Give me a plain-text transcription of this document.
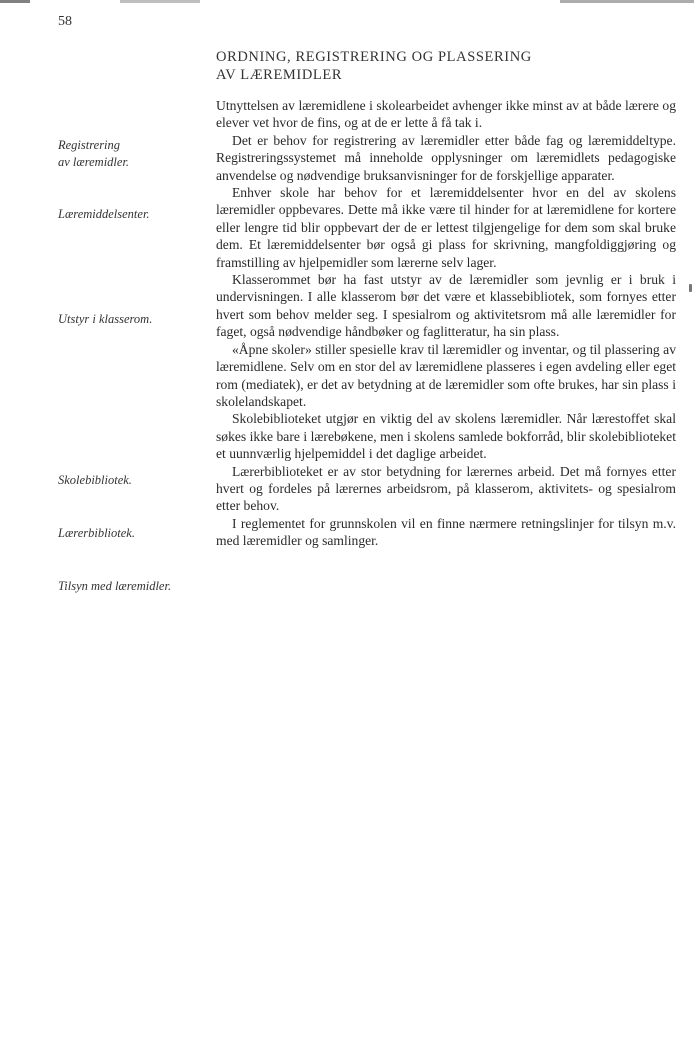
58
ORDNING, REGISTRERING OG PLASSERING
AV LÆREMIDLER
Registrering
av læremidler.
Læremiddelsenter.
Utstyr i klasserom.
Skolebibliotek.
Lærerbibliotek.
Tilsyn med læremidler.

Utnyttelsen av læremidlene i skolearbeidet avhenger ikke minst av at både lærere og elever vet hvor de fins, og at de er lette å få tak i.

Det er behov for registrering av læremidler etter både fag og læremiddeltype. Registreringssystemet må inneholde opplysninger om læremidlets pedagogiske anvendelse og nødvendige bruksanvisninger for de forskjellige apparater.

Enhver skole har behov for et læremiddelsenter hvor en del av skolens læremidler oppbevares. Dette må ikke være til hinder for at læremidlene for kortere eller lengre tid blir oppbevart der de er lettest tilgjengelige for dem som skal bruke dem. Et læremiddelsenter bør også gi plass for skrivning, mangfoldiggjøring og framstilling av hjelpemidler som lærerne selv lager.

Klasserommet bør ha fast utstyr av de læremidler som jevnlig er i bruk i undervisningen. I alle klasserom bør det være et klassebibliotek, som fornyes etter hvert som behov melder seg. I spesialrom og aktivitetsrom må alle læremidler for faget, også nødvendige håndbøker og faglitteratur, ha sin plass.

«Åpne skoler» stiller spesielle krav til læremidler og inventar, og til plassering av læremidlene. Selv om en stor del av læremidlene plasseres i egen avdeling eller eget rom (mediatek), er det av betydning at de læremidler som ofte brukes, har sin plass i skolelandskapet.

Skolebiblioteket utgjør en viktig del av skolens læremidler. Når lærestoffet skal søkes ikke bare i lærebøkene, men i skolens samlede bokforråd, blir skolebiblioteket et uunnværlig hjelpemiddel i det daglige arbeidet.

Lærerbiblioteket er av stor betydning for lærernes arbeid. Det må fornyes etter hvert og fordeles på lærernes arbeidsrom, på klasserom, aktivitets- og spesialrom etter behov.

I reglementet for grunnskolen vil en finne nærmere retningslinjer for tilsyn m.v. med læremidler og samlinger.
